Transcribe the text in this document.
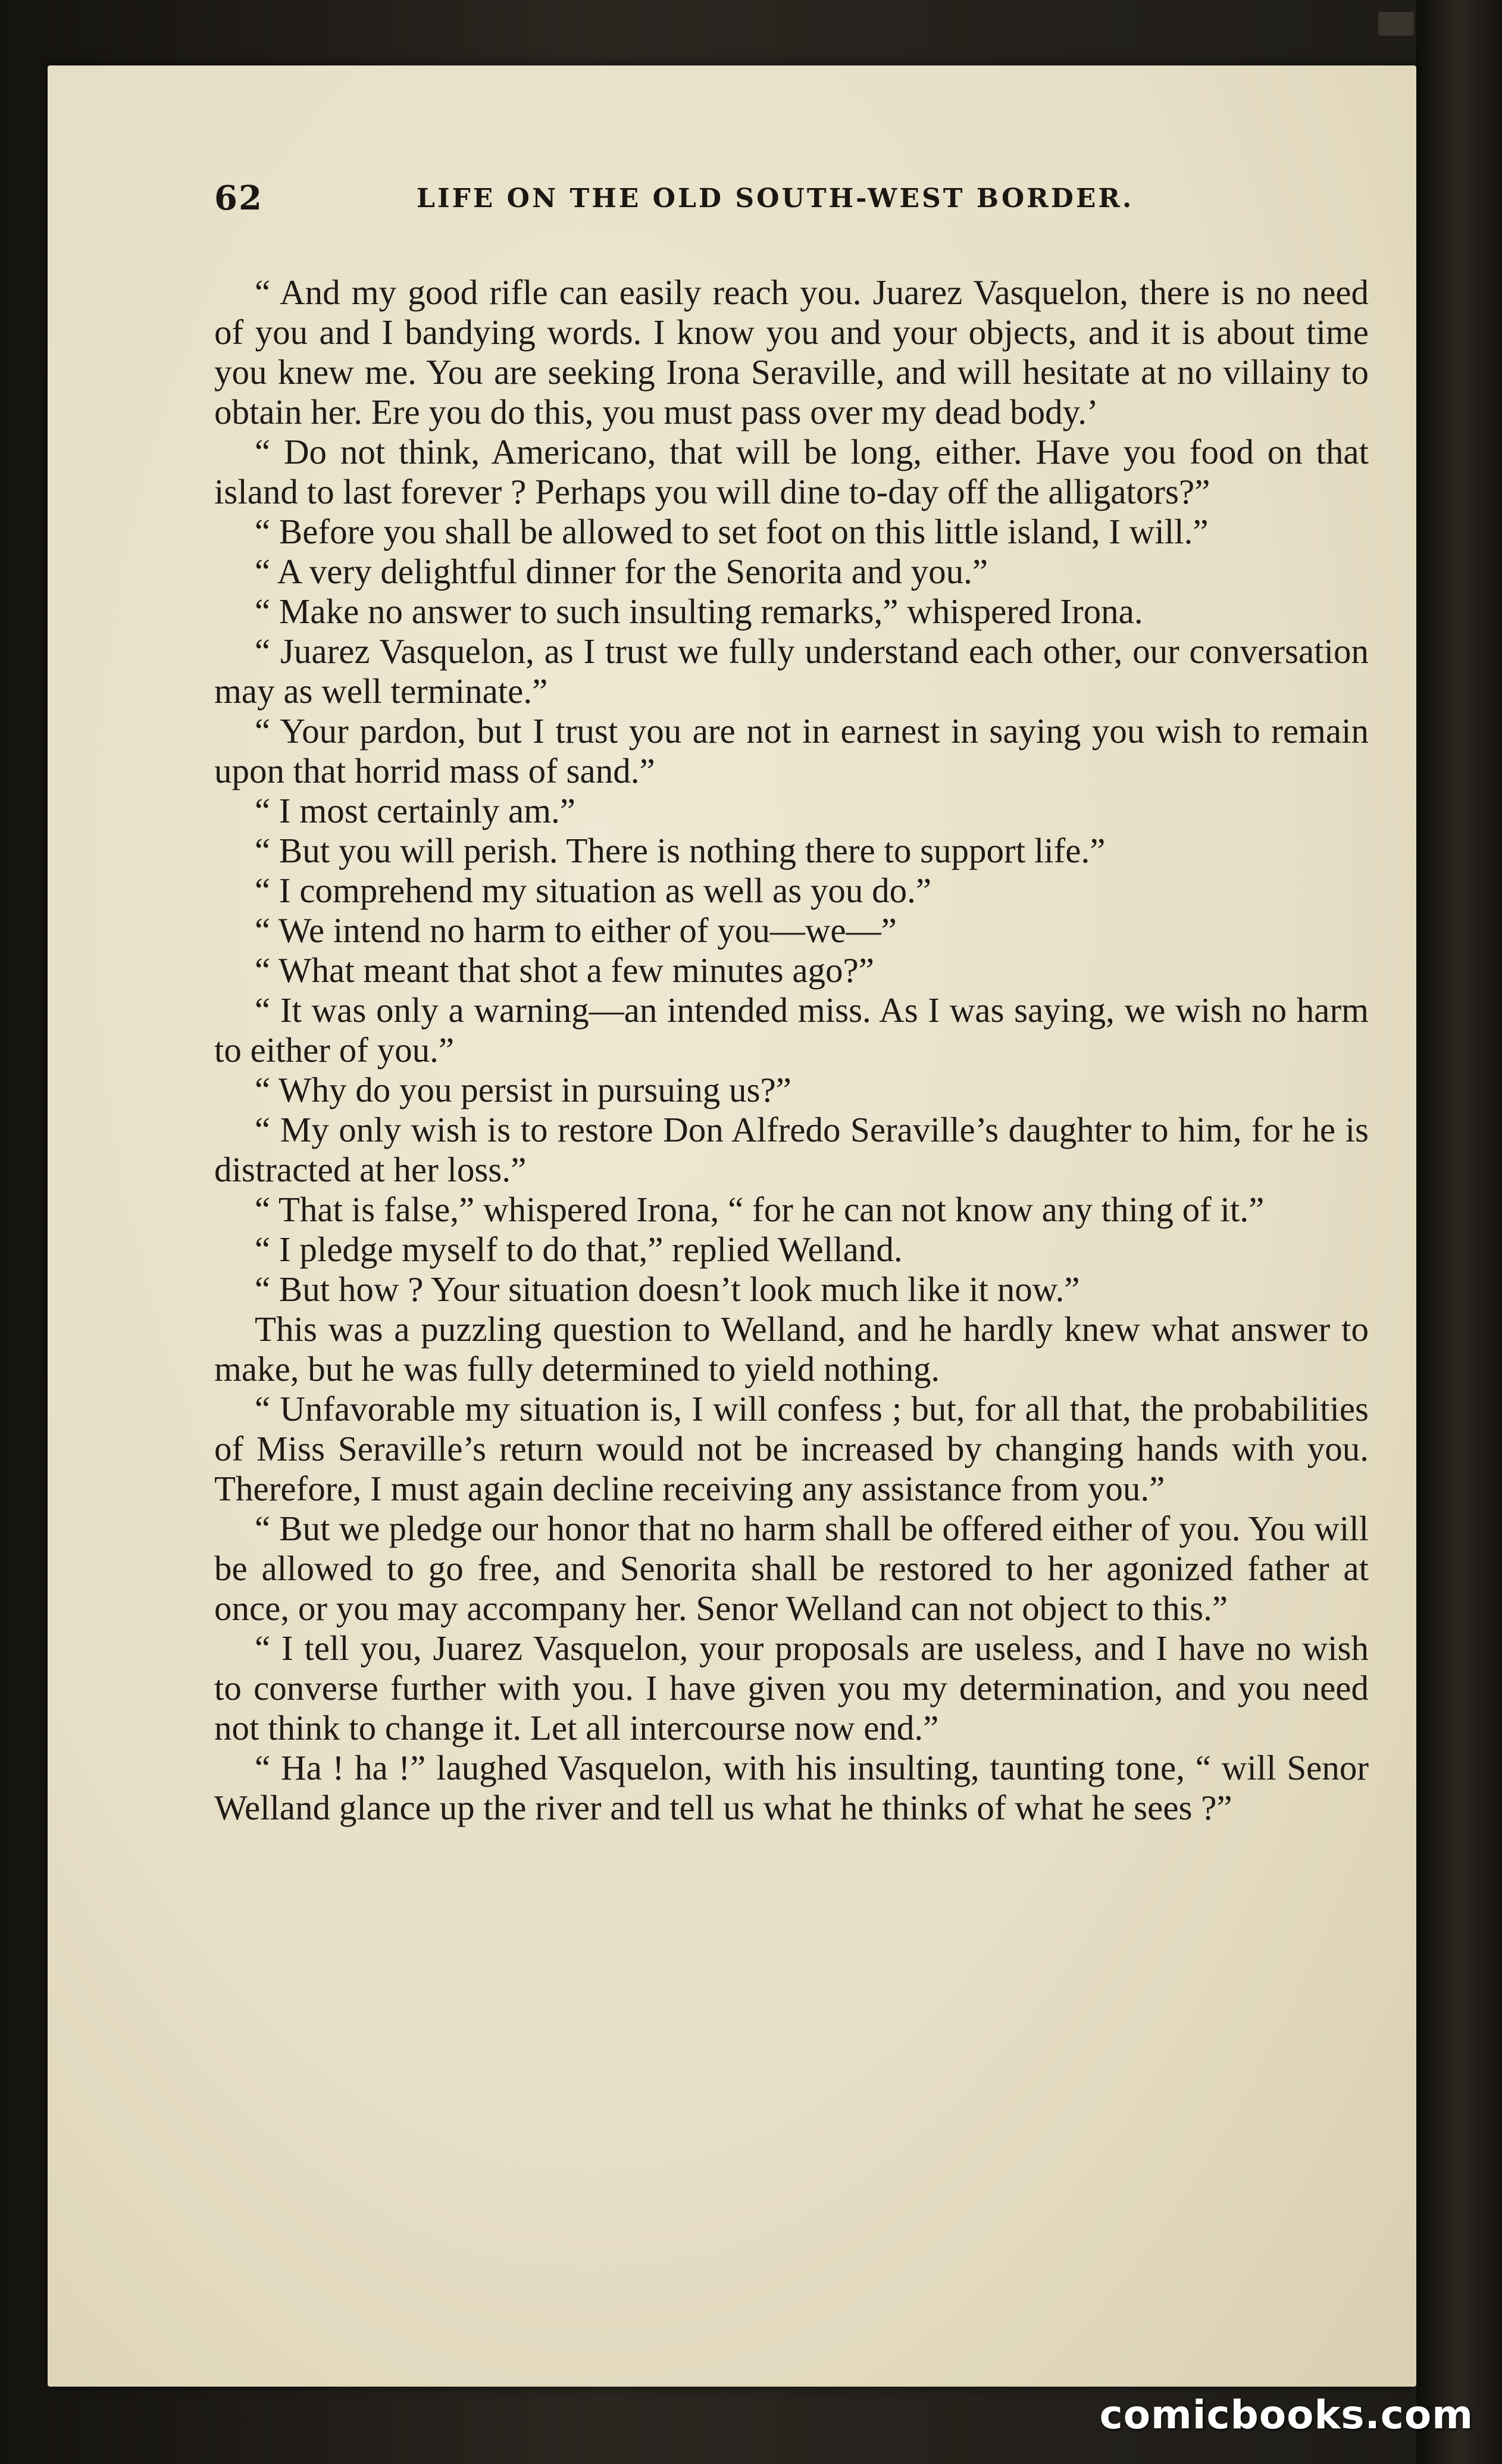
62	LIFE ON THE OLD SOUTH-WEST BORDER.

“ And my good rifle can easily reach you. Juarez Vasquelon, there is no need of you and I bandying words. I know you and your objects, and it is about time you knew me. You are seeking Irona Seraville, and will hesitate at no villainy to obtain her. Ere you do this, you must pass over my dead body.’

“ Do not think, Americano, that will be long, either. Have you food on that island to last forever ? Perhaps you will dine to-day off the alligators?”

“ Before you shall be allowed to set foot on this little island, I will.”

“ A very delightful dinner for the Senorita and you.”

“ Make no answer to such insulting remarks,” whispered Irona.

“ Juarez Vasquelon, as I trust we fully understand each other, our conversation may as well terminate.”

“ Your pardon, but I trust you are not in earnest in saying you wish to remain upon that horrid mass of sand.”

“ I most certainly am.”

“ But you will perish. There is nothing there to support life.”

“ I comprehend my situation as well as you do.”

“ We intend no harm to either of you—we—”

“ What meant that shot a few minutes ago?”

“ It was only a warning—an intended miss. As I was saying, we wish no harm to either of you.”

“ Why do you persist in pursuing us?”

“ My only wish is to restore Don Alfredo Seraville’s daughter to him, for he is distracted at her loss.”

“ That is false,” whispered Irona, “ for he can not know any thing of it.”

“ I pledge myself to do that,” replied Welland.

“ But how ? Your situation doesn’t look much like it now.”

This was a puzzling question to Welland, and he hardly knew what answer to make, but he was fully determined to yield nothing.

“ Unfavorable my situation is, I will confess ; but, for all that, the probabilities of Miss Seraville’s return would not be increased by changing hands with you. Therefore, I must again decline receiving any assistance from you.”

“ But we pledge our honor that no harm shall be offered either of you. You will be allowed to go free, and Senorita shall be restored to her agonized father at once, or you may accompany her. Senor Welland can not object to this.”

“ I tell you, Juarez Vasquelon, your proposals are useless, and I have no wish to converse further with you. I have given you my determination, and you need not think to change it. Let all intercourse now end.”

“ Ha ! ha !” laughed Vasquelon, with his insulting, taunting tone, “ will Senor Welland glance up the river and tell us what he thinks of what he sees ?”

comicbooks.com
